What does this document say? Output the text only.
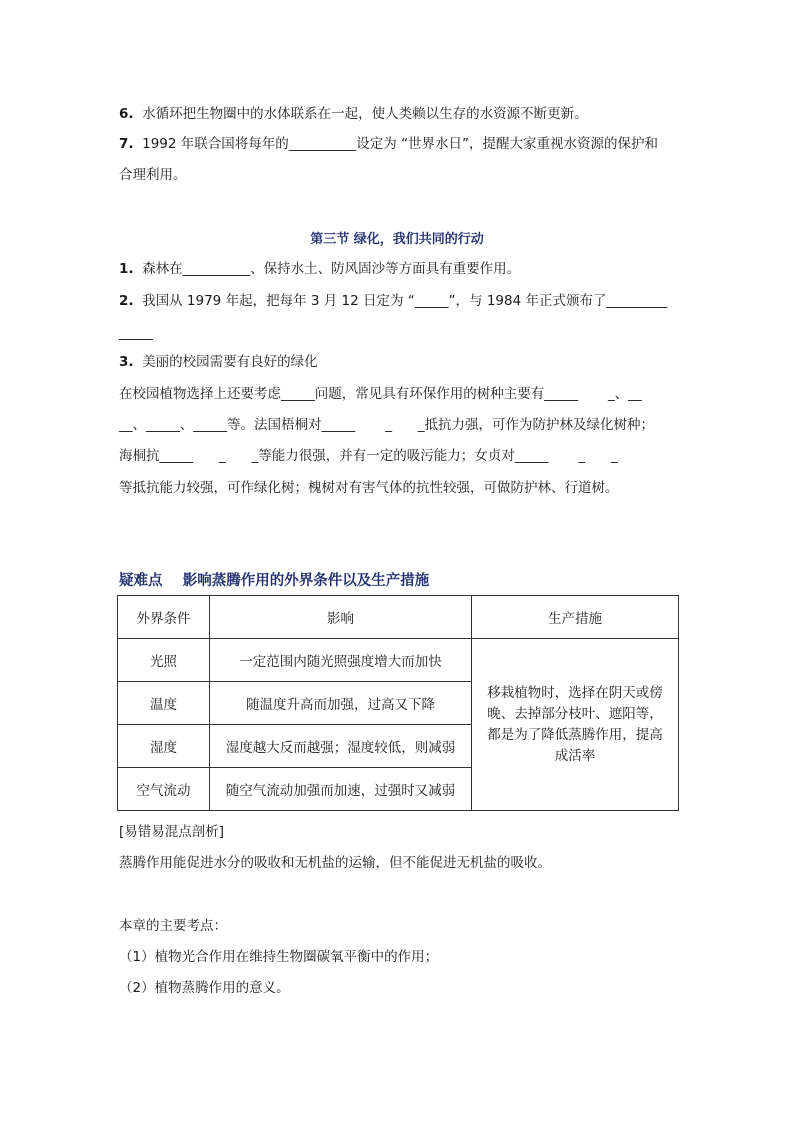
6. 水循环把生物圈中的水体联系在一起，使人类赖以生存的水资源不断更新。
7. 1992 年联合国将每年的__________设定为 “世界水日”，提醒大家重视水资源的保护和
合理利用。
第三节 绿化，我们共同的行动
1. 森林在__________、保持水土、防风固沙等方面具有重要作用。
2. 我国从 1979 年起，把每年 3 月 12 日定为 “_____”，与 1984 年正式颁布了_________
_____
3. 美丽的校园需要有良好的绿化
在校园植物选择上还要考虑_____问题，常见具有环保作用的树种主要有_____       _、__
__、_____、_____等。法国梧桐对_____       _      _抵抗力强，可作为防护林及绿化树种；
海桐抗_____      _      _等能力很强，并有一定的吸污能力；女贞对_____       _      _
等抵抗能力较强，可作绿化树；槐树对有害气体的抗性较强，可做防护林、行道树。
疑难点    影响蒸腾作用的外界条件以及生产措施
外界条件	影响	生产措施
光照	一定范围内随光照强度增大而加快	移栽植物时，选择在阴天或傍晚、去掉部分枝叶、遮阳等，都是为了降低蒸腾作用，提高成活率
温度	随温度升高而加强，过高又下降	
湿度	湿度越大反而越强；湿度较低，则减弱	
空气流动	随空气流动加强而加速，过强时又减弱	
[易错易混点剖析]
蒸腾作用能促进水分的吸收和无机盐的运输，但不能促进无机盐的吸收。
本章的主要考点：
（1）植物光合作用在维持生物圈碳氧平衡中的作用；
（2）植物蒸腾作用的意义。
